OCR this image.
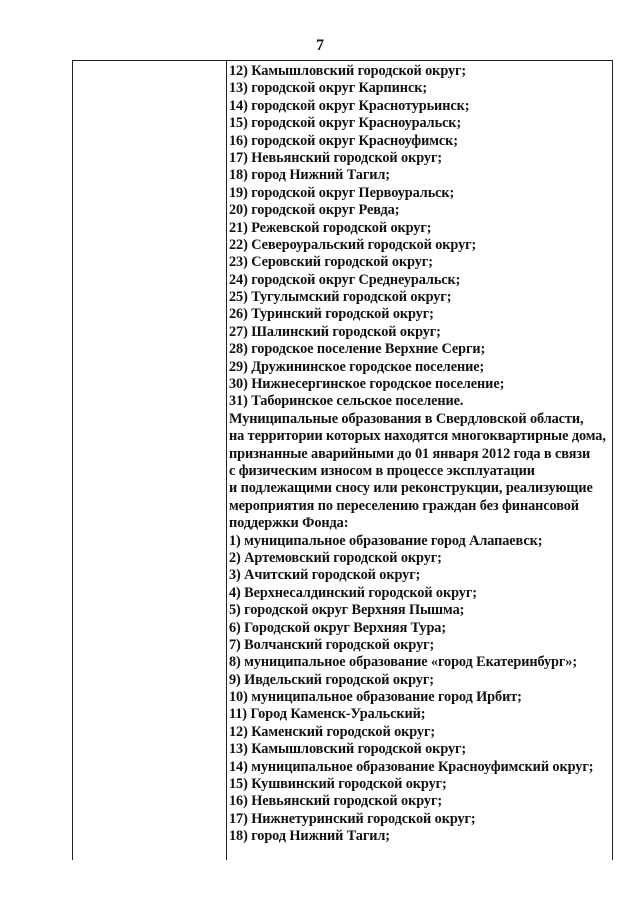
7
12) Камышловский городской округ;
13) городской округ Карпинск;
14) городской округ Краснотурьинск;
15) городской округ Красноуральск;
16) городской округ Красноуфимск;
17) Невьянский городской округ;
18) город Нижний Тагил;
19) городской округ Первоуральск;
20) городской округ Ревда;
21) Режевской городской округ;
22) Североуральский городской округ;
23) Серовский городской округ;
24) городской округ Среднеуральск;
25) Тугулымский городской округ;
26) Туринский городской округ;
27) Шалинский городской округ;
28) городское поселение Верхние Серги;
29) Дружининское городское поселение;
30) Нижнесергинское городское поселение;
31) Таборинское сельское поселение.
Муниципальные образования в Свердловской области,
на территории которых находятся многоквартирные дома,
признанные аварийными до 01 января 2012 года в связи
с физическим износом в процессе эксплуатации
и подлежащими сносу или реконструкции, реализующие
мероприятия по переселению граждан без финансовой
поддержки Фонда:
1) муниципальное образование город Алапаевск;
2) Артемовский городской округ;
3) Ачитский городской округ;
4) Верхнесалдинский городской округ;
5) городской округ Верхняя Пышма;
6) Городской округ Верхняя Тура;
7) Волчанский городской округ;
8) муниципальное образование «город Екатеринбург»;
9) Ивдельский городской округ;
10) муниципальное образование город Ирбит;
11) Город Каменск-Уральский;
12) Каменский городской округ;
13) Камышловский городской округ;
14) муниципальное образование Красноуфимский округ;
15) Кушвинский городской округ;
16) Невьянский городской округ;
17) Нижнетуринский городской округ;
18) город Нижний Тагил;
